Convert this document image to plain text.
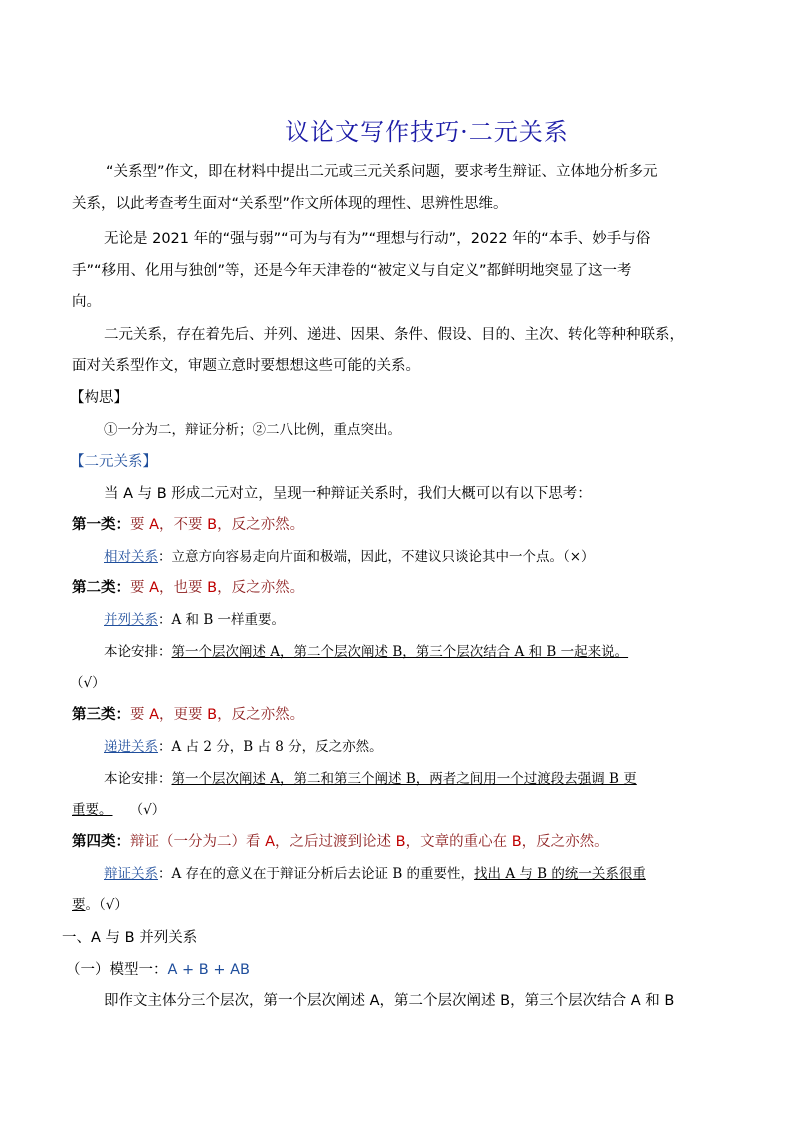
议论文写作技巧·二元关系
“关系型”作文，即在材料中提出二元或三元关系问题，要求考生辩证、立体地分析多元
关系，以此考查考生面对“关系型”作文所体现的理性、思辨性思维。
无论是 2021 年的“强与弱”“可为与有为”“理想与行动”，2022 年的“本手、妙手与俗
手”“移用、化用与独创”等，还是今年天津卷的“被定义与自定义”都鲜明地突显了这一考
向。
二元关系，存在着先后、并列、递进、因果、条件、假设、目的、主次、转化等种种联系，
面对关系型作文，审题立意时要想想这些可能的关系。
【构思】
①一分为二，辩证分析；②二八比例，重点突出。
【二元关系】
当 A 与 B 形成二元对立，呈现一种辩证关系时，我们大概可以有以下思考：
第一类：要 A，不要 B，反之亦然。
相对关系：立意方向容易走向片面和极端，因此，不建议只谈论其中一个点。（×）
第二类：要 A，也要 B，反之亦然。
并列关系：A 和 B 一样重要。
本论安排：第一个层次阐述 A，第二个层次阐述 B，第三个层次结合 A 和 B 一起来说。
（√）
第三类：要 A，更要 B，反之亦然。
递进关系：A 占 2 分，B 占 8 分，反之亦然。
本论安排：第一个层次阐述 A，第二和第三个阐述 B，两者之间用一个过渡段去强调 B 更
重要。 （√）
第四类：辩证（一分为二）看 A，之后过渡到论述 B，文章的重心在 B，反之亦然。
辩证关系：A 存在的意义在于辩证分析后去论证 B 的重要性，找出 A 与 B 的统一关系很重
要。（√）
一、A 与 B 并列关系
（一）模型一：A + B + AB
即作文主体分三个层次，第一个层次阐述 A，第二个层次阐述 B，第三个层次结合 A 和 B
